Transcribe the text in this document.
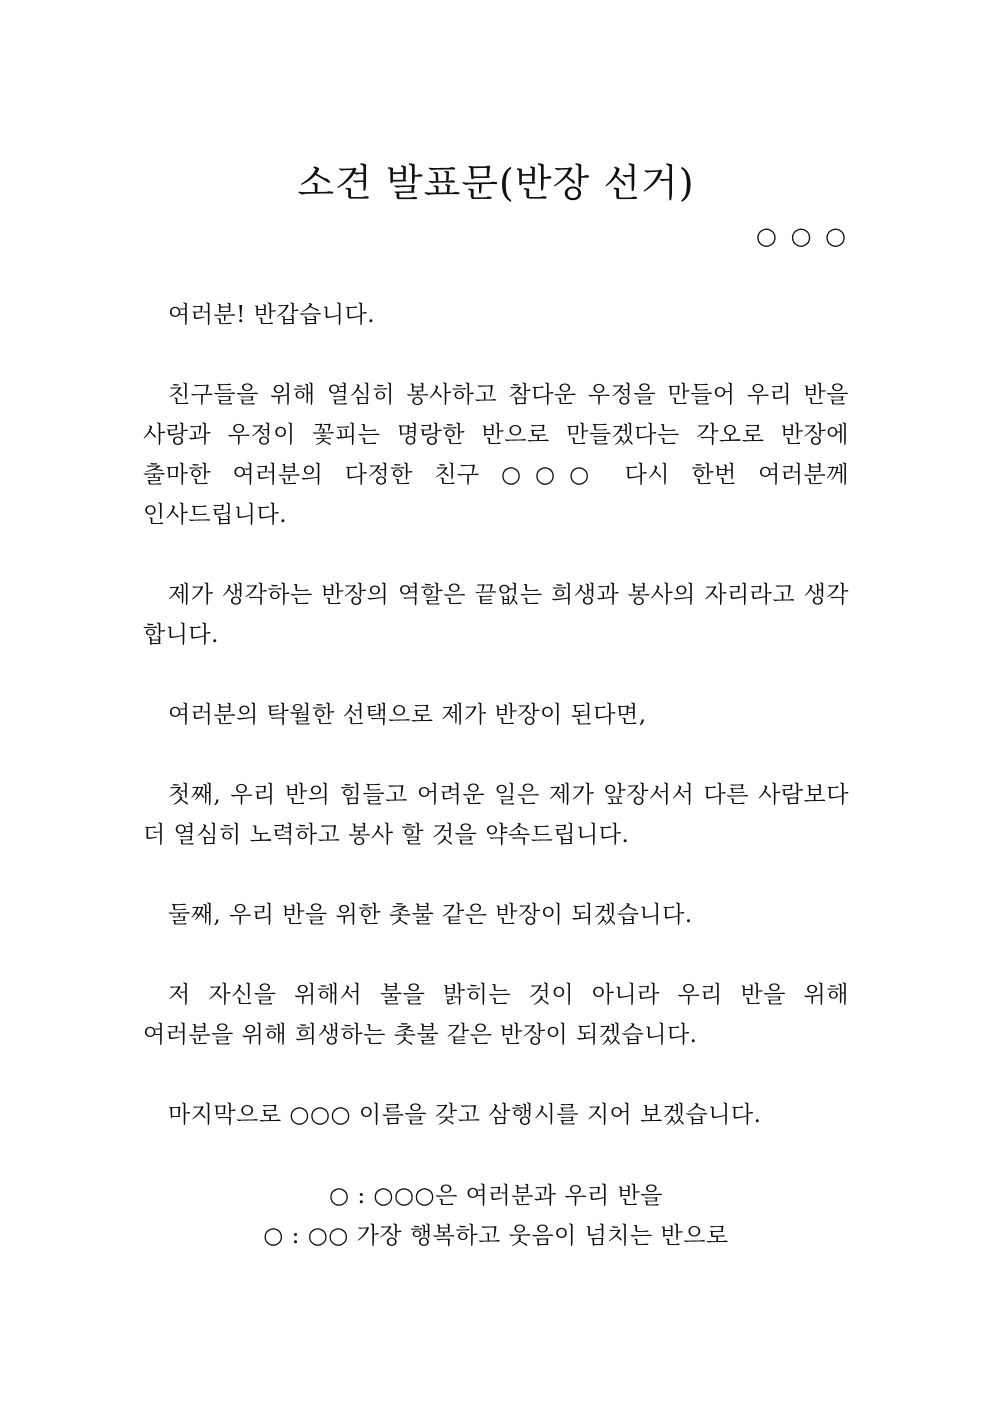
소견 발표문(반장 선거)
○ ○ ○

여러분! 반갑습니다.

친구들을 위해 열심히 봉사하고 참다운 우정을 만들어 우리 반을 사랑과 우정이 꽃피는 명랑한 반으로 만들겠다는 각오로 반장에 출마한 여러분의 다정한 친구 ○○○ 다시 한번 여러분께 인사드립니다.

제가 생각하는 반장의 역할은 끝없는 희생과 봉사의 자리라고 생각 합니다.

여러분의 탁월한 선택으로 제가 반장이 된다면,

첫째, 우리 반의 힘들고 어려운 일은 제가 앞장서서 다른 사람보다 더 열심히 노력하고 봉사 할 것을 약속드립니다.

둘째, 우리 반을 위한 촛불 같은 반장이 되겠습니다.

저 자신을 위해서 불을 밝히는 것이 아니라 우리 반을 위해 여러분을 위해 희생하는 촛불 같은 반장이 되겠습니다.

마지막으로 ○○○ 이름을 갖고 삼행시를 지어 보겠습니다.

○ : ○○○은 여러분과 우리 반을
○ : ○○ 가장 행복하고 웃음이 넘치는 반으로
